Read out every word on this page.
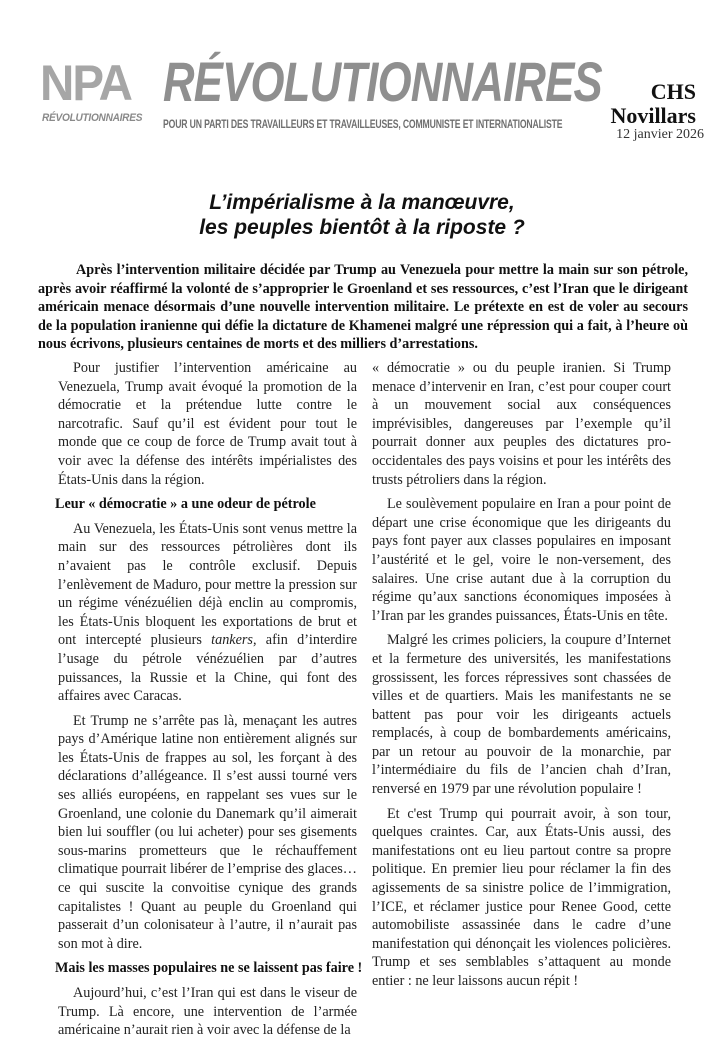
NPA
RÉVOLUTIONNAIRES
RÉVOLUTIONNAIRES
POUR UN PARTI DES TRAVAILLEURS ET TRAVAILLEUSES, COMMUNISTE ET INTERNATIONALISTE
CHS
Novillars
12 janvier 2026
L’impérialisme à la manœuvre,
les peuples bientôt à la riposte ?
Après l’intervention militaire décidée par Trump au Venezuela pour mettre la main sur son pétrole, après avoir réaffirmé la volonté de s’approprier le Groenland et ses ressources, c’est l’Iran que le dirigeant américain menace désormais d’une nouvelle intervention militaire. Le prétexte en est de voler au secours de la population iranienne qui défie la dictature de Khamenei malgré une répression qui a fait, à l’heure où nous écrivons, plusieurs centaines de morts et des milliers d’arrestations.

Pour justifier l’intervention américaine au Venezuela, Trump avait évoqué la promotion de la démocratie et la prétendue lutte contre le narcotrafic. Sauf qu’il est évident pour tout le monde que ce coup de force de Trump avait tout à voir avec la défense des intérêts impérialistes des États-Unis dans la région.

Leur « démocratie » a une odeur de pétrole

Au Venezuela, les États-Unis sont venus mettre la main sur des ressources pétrolières dont ils n’avaient pas le contrôle exclusif. Depuis l’enlèvement de Maduro, pour mettre la pression sur un régime vénézuélien déjà enclin au compromis, les États-Unis bloquent les exportations de brut et ont intercepté plusieurs tankers, afin d’interdire l’usage du pétrole vénézuélien par d’autres puissances, la Russie et la Chine, qui font des affaires avec Caracas.

Et Trump ne s’arrête pas là, menaçant les autres pays d’Amérique latine non entièrement alignés sur les États-Unis de frappes au sol, les forçant à des déclarations d’allégeance. Il s’est aussi tourné vers ses alliés européens, en rappelant ses vues sur le Groenland, une colonie du Danemark qu’il aimerait bien lui souffler (ou lui acheter) pour ses gisements sous-marins prometteurs que le réchauffement climatique pourrait libérer de l’emprise des glaces… ce qui suscite la convoitise cynique des grands capitalistes ! Quant au peuple du Groenland qui passerait d’un colonisateur à l’autre, il n’aurait pas son mot à dire.

Mais les masses populaires ne se laissent pas faire !

Aujourd’hui, c’est l’Iran qui est dans le viseur de Trump. Là encore, une intervention de l’armée américaine n’aurait rien à voir avec la défense de la

« démocratie » ou du peuple iranien. Si Trump menace d’intervenir en Iran, c’est pour couper court à un mouvement social aux conséquences imprévisibles, dangereuses par l’exemple qu’il pourrait donner aux peuples des dictatures pro-occidentales des pays voisins et pour les intérêts des trusts pétroliers dans la région.

Le soulèvement populaire en Iran a pour point de départ une crise économique que les dirigeants du pays font payer aux classes populaires en imposant l’austérité et le gel, voire le non-versement, des salaires. Une crise autant due à la corruption du régime qu’aux sanctions économiques imposées à l’Iran par les grandes puissances, États-Unis en tête.

Malgré les crimes policiers, la coupure d’Internet et la fermeture des universités, les manifestations grossissent, les forces répressives sont chassées de villes et de quartiers. Mais les manifestants ne se battent pas pour voir les dirigeants actuels remplacés, à coup de bombardements américains, par un retour au pouvoir de la monarchie, par l’intermédiaire du fils de l’ancien chah d’Iran, renversé en 1979 par une révolution populaire !

Et c'est Trump qui pourrait avoir, à son tour, quelques craintes. Car, aux États-Unis aussi, des manifestations ont eu lieu partout contre sa propre politique. En premier lieu pour réclamer la fin des agissements de sa sinistre police de l’immigration, l’ICE, et réclamer justice pour Renee Good, cette automobiliste assassinée dans le cadre d’une manifestation qui dénonçait les violences policières. Trump et ses semblables s’attaquent au monde entier : ne leur laissons aucun répit !
